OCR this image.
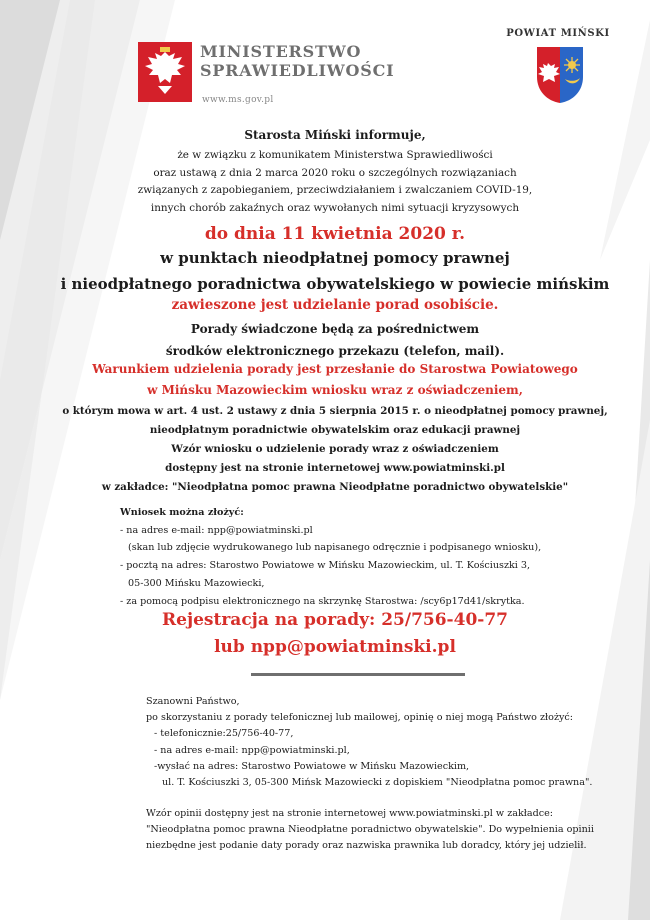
MINISTERSTWO
SPRAWIEDLIWOŚCI
www.ms.gov.pl
POWIAT MIŃSKI
Starosta Miński informuje,
że w związku z komunikatem Ministerstwa Sprawiedliwości
oraz ustawą z dnia 2 marca 2020 roku o szczególnych rozwiązaniach
związanych z zapobieganiem, przeciwdziałaniem i zwalczaniem COVID-19,
innych chorób zakaźnych oraz wywołanych nimi sytuacji kryzysowych
do dnia 11 kwietnia 2020 r.
w punktach nieodpłatnej pomocy prawnej
i nieodpłatnego poradnictwa obywatelskiego w powiecie mińskim
zawieszone jest udzielanie porad osobiście.
Porady świadczone będą za pośrednictwem
środków elektronicznego przekazu (telefon, mail).
Warunkiem udzielenia porady jest przesłanie do Starostwa Powiatowego
w Mińsku Mazowieckim wniosku wraz z oświadczeniem,
o którym mowa w art. 4 ust. 2 ustawy z dnia 5 sierpnia 2015 r. o nieodpłatnej pomocy prawnej,
nieodpłatnym poradnictwie obywatelskim oraz edukacji prawnej
Wzór wniosku o udzielenie porady wraz z oświadczeniem
dostępny jest na stronie internetowej www.powiatminski.pl
w zakładce: "Nieodpłatna pomoc prawna Nieodpłatne poradnictwo obywatelskie"
Wniosek można złożyć:
- na adres e-mail: npp@powiatminski.pl
(skan lub zdjęcie wydrukowanego lub napisanego odręcznie i podpisanego wniosku),
- pocztą na adres: Starostwo Powiatowe w Mińsku Mazowieckim, ul. T. Kościuszki 3,
05-300 Mińsku Mazowiecki,
- za pomocą podpisu elektronicznego na skrzynkę Starostwa: /scy6p17d41/skrytka.
Rejestracja na porady: 25/756-40-77
lub npp@powiatminski.pl
Szanowni Państwo,
po skorzystaniu z porady telefonicznej lub mailowej, opinię o niej mogą Państwo złożyć:
- telefonicznie:25/756-40-77,
- na adres e-mail: npp@powiatminski.pl,
-wysłać na adres: Starostwo Powiatowe w Mińsku Mazowieckim,
ul. T. Kościuszki 3, 05-300 Mińsk Mazowiecki z dopiskiem "Nieodpłatna pomoc prawna".
Wzór opinii dostępny jest na stronie internetowej www.powiatminski.pl w zakładce:
"Nieodpłatna pomoc prawna Nieodpłatne poradnictwo obywatelskie". Do wypełnienia opinii
niezbędne jest podanie daty porady oraz nazwiska prawnika lub doradcy, który jej udzielił.
